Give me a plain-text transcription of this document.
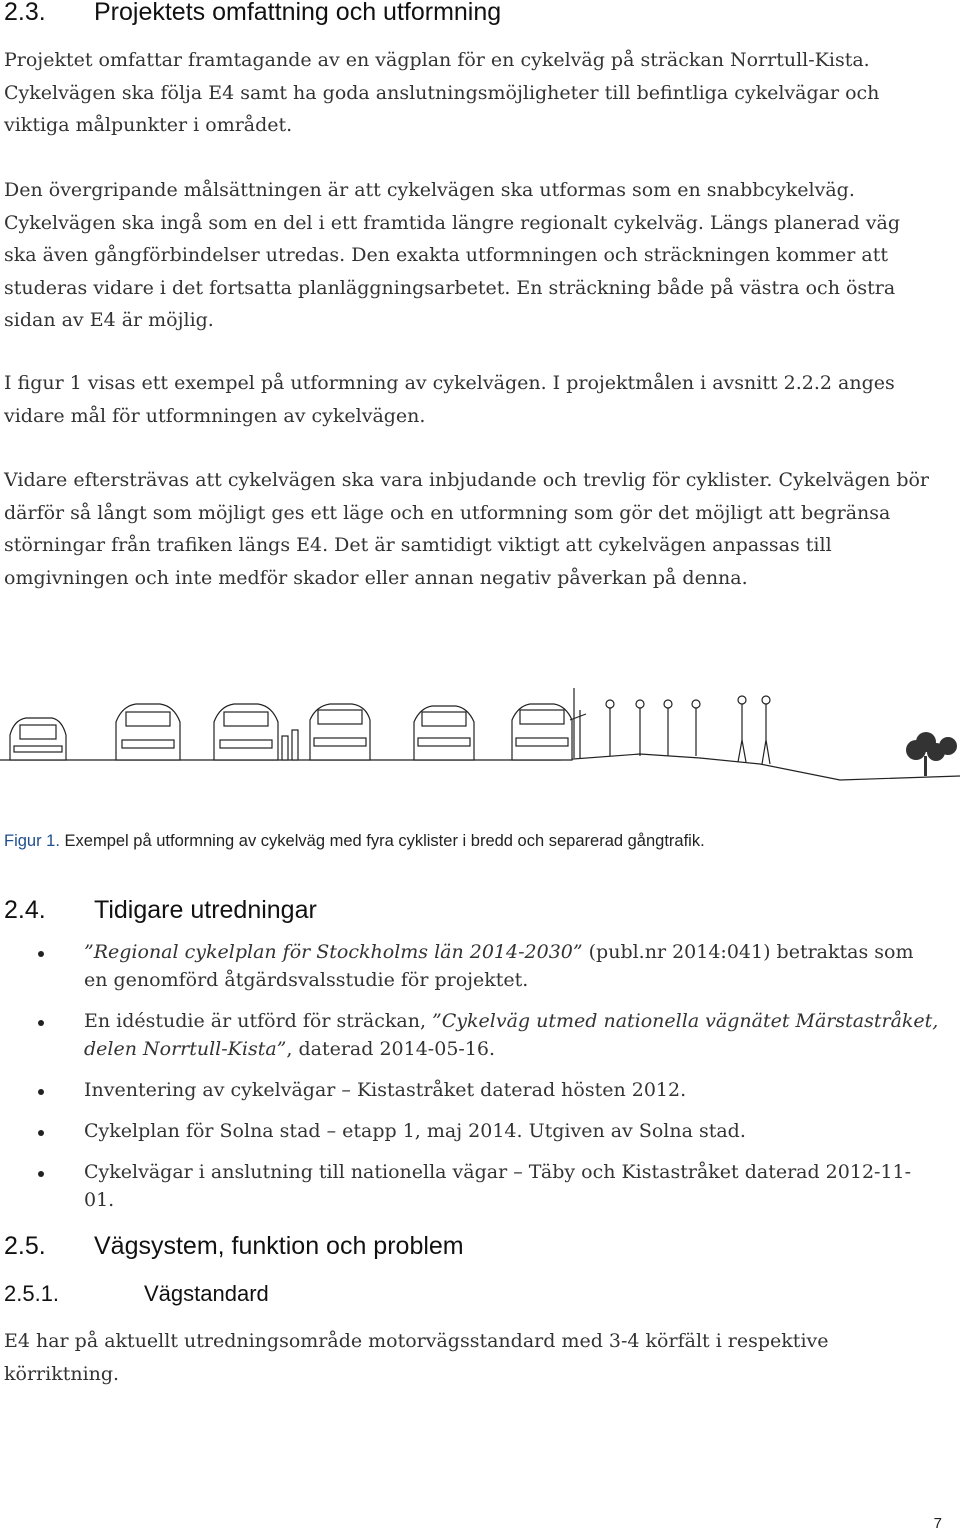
2.3. Projektets omfattning och utformning
Projektet omfattar framtagande av en vägplan för en cykelväg på sträckan Norrtull-Kista. Cykelvägen ska följa E4 samt ha goda anslutningsmöjligheter till befintliga cykelvägar och viktiga målpunkter i området.
Den övergripande målsättningen är att cykelvägen ska utformas som en snabbcykelväg. Cykelvägen ska ingå som en del i ett framtida längre regionalt cykelväg. Längs planerad väg ska även gångförbindelser utredas. Den exakta utformningen och sträckningen kommer att studeras vidare i det fortsatta planläggningsarbetet. En sträckning både på västra och östra sidan av E4 är möjlig.
I figur 1 visas ett exempel på utformning av cykelvägen. I projektmålen i avsnitt 2.2.2 anges vidare mål för utformningen av cykelvägen.
Vidare eftersträvas att cykelvägen ska vara inbjudande och trevlig för cyklister. Cykelvägen bör därför så långt som möjligt ges ett läge och en utformning som gör det möjligt att begränsa störningar från trafiken längs E4. Det är samtidigt viktigt att cykelvägen anpassas till omgivningen och inte medför skador eller annan negativ påverkan på denna.
Figur 1. Exempel på utformning av cykelväg med fyra cyklister i bredd och separerad gångtrafik.
2.4. Tidigare utredningar
”Regional cykelplan för Stockholms län 2014-2030” (publ.nr 2014:041) betraktas som en genomförd åtgärdsvalsstudie för projektet.
En idéstudie är utförd för sträckan, ”Cykelväg utmed nationella vägnätet Märstastråket, delen Norrtull-Kista”, daterad 2014-05-16.
Inventering av cykelvägar – Kistastråket daterad hösten 2012.
Cykelplan för Solna stad – etapp 1, maj 2014. Utgiven av Solna stad.
Cykelvägar i anslutning till nationella vägar – Täby och Kistastråket daterad 2012-11-01.
2.5. Vägsystem, funktion och problem
2.5.1.	Vägstandard
E4 har på aktuellt utredningsområde motorvägsstandard med 3-4 körfält i respektive körriktning.
7
